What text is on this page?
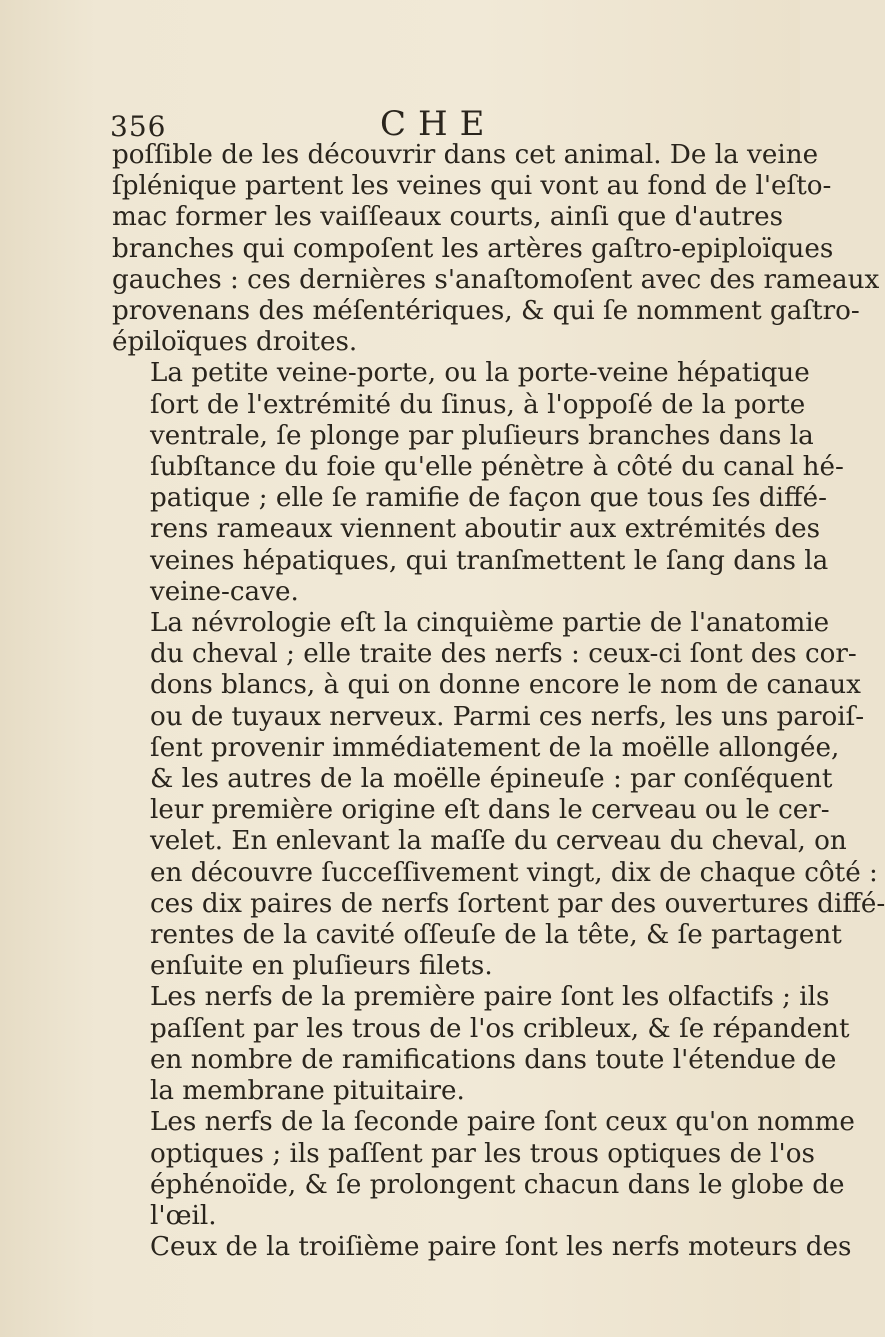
356	CHE

poſſible de les découvrir dans cet animal. De la veine
ſplénique partent les veines qui vont au fond de l'eſto-
mac former les vaiſſeaux courts, ainſi que d'autres
branches qui compoſent les artères gaſtro-epiploïques
gauches : ces dernières s'anaſtomoſent avec des rameaux
provenans des méſentériques, & qui ſe nomment gaſtro-
épiloïques droites.

La petite veine-porte, ou la porte-veine hépatique
ſort de l'extrémité du ſinus, à l'oppoſé de la porte
ventrale, ſe plonge par pluſieurs branches dans la
ſubſtance du foie qu'elle pénètre à côté du canal hé-
patique ; elle ſe ramifie de façon que tous ſes diffé-
rens rameaux viennent aboutir aux extrémités des
veines hépatiques, qui tranſmettent le ſang dans la
veine-cave.

La névrologie eſt la cinquième partie de l'anatomie
du cheval ; elle traite des nerfs : ceux-ci ſont des cor-
dons blancs, à qui on donne encore le nom de canaux
ou de tuyaux nerveux. Parmi ces nerfs, les uns paroiſ-
ſent provenir immédiatement de la moëlle allongée,
& les autres de la moëlle épineuſe : par conſéquent
leur première origine eſt dans le cerveau ou le cer-
velet. En enlevant la maſſe du cerveau du cheval, on
en découvre ſucceſſivement vingt, dix de chaque côté :
ces dix paires de nerfs ſortent par des ouvertures diffé-
rentes de la cavité oſſeuſe de la tête, & ſe partagent
enſuite en pluſieurs filets.

Les nerfs de la première paire ſont les olfactifs ; ils
paſſent par les trous de l'os cribleux, & ſe répandent
en nombre de ramifications dans toute l'étendue de
la membrane pituitaire.

Les nerfs de la ſeconde paire ſont ceux qu'on nomme
optiques ; ils paſſent par les trous optiques de l'os
éphénoïde, & ſe prolongent chacun dans le globe de
l'œil.

Ceux de la troiſième paire ſont les nerfs moteurs des
